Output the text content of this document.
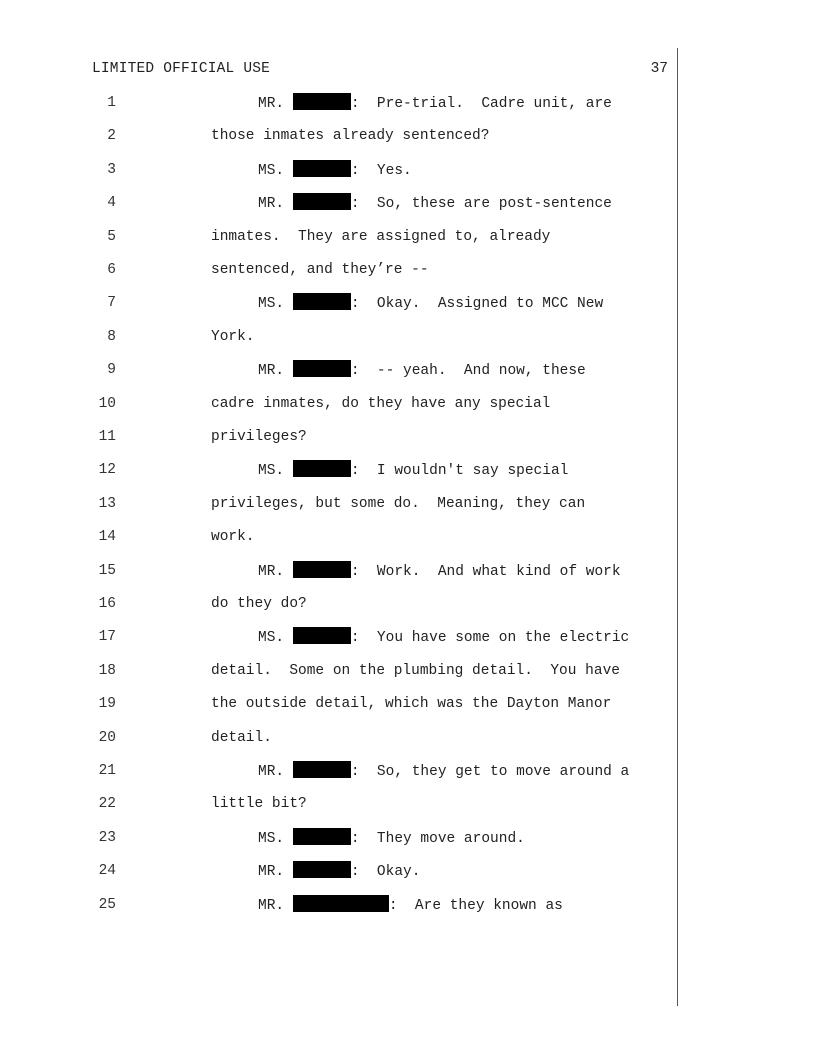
LIMITED OFFICIAL USE	37
1	MR.	:  Pre-trial.  Cadre unit, are
2	those inmates already sentenced?
3	MS.	:  Yes.
4	MR.	:  So, these are post-sentence
5	inmates.  They are assigned to, already
6	sentenced, and they’re --
7	MS.	:  Okay.  Assigned to MCC New
8	York.
9	MR.	:  -- yeah.  And now, these
10	cadre inmates, do they have any special
11	privileges?
12	MS.	:  I wouldn't say special
13	privileges, but some do.  Meaning, they can
14	work.
15	MR.	:  Work.  And what kind of work
16	do they do?
17	MS.	:  You have some on the electric
18	detail.  Some on the plumbing detail.  You have
19	the outside detail, which was the Dayton Manor
20	detail.
21	MR.	:  So, they get to move around a
22	little bit?
23	MS.	:  They move around.
24	MR.	:  Okay.
25	MR.	:  Are they known as
